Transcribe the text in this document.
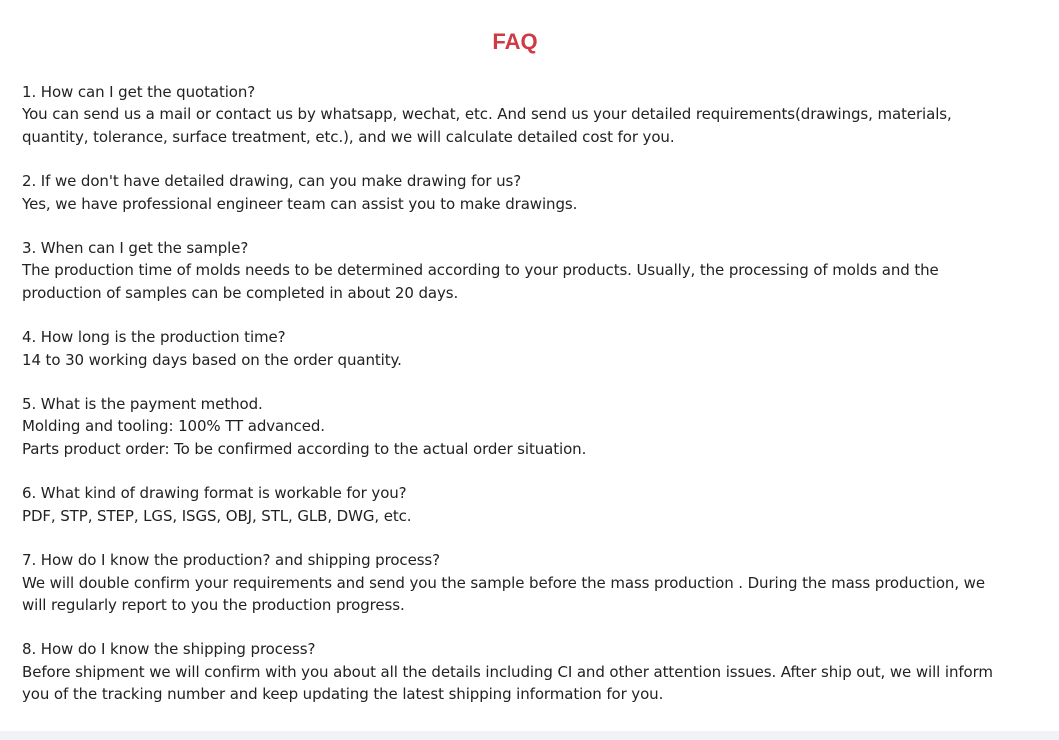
FAQ

1. How can I get the quotation?

You can send us a mail or contact us by whatsapp, wechat, etc. And send us your detailed requirements(drawings, materials,

quantity, tolerance, surface treatment, etc.), and we will calculate detailed cost for you.

2. If we don't have detailed drawing, can you make drawing for us?

Yes, we have professional engineer team can assist you to make drawings.

3. When can I get the sample?

The production time of molds needs to be determined according to your products. Usually, the processing of molds and the

production of samples can be completed in about 20 days.

4. How long is the production time?

14 to 30 working days based on the order quantity.

5. What is the payment method.

Molding and tooling: 100% TT advanced.

Parts product order: To be confirmed according to the actual order situation.

6. What kind of drawing format is workable for you?

PDF, STP, STEP, LGS, ISGS, OBJ, STL, GLB, DWG, etc.

7. How do I know the production? and shipping process?

We will double confirm your requirements and send you the sample before the mass production . During the mass production, we

will regularly report to you the production progress.

8. How do I know the shipping process?

Before shipment we will confirm with you about all the details including CI and other attention issues. After ship out, we will inform

you of the tracking number and keep updating the latest shipping information for you.
